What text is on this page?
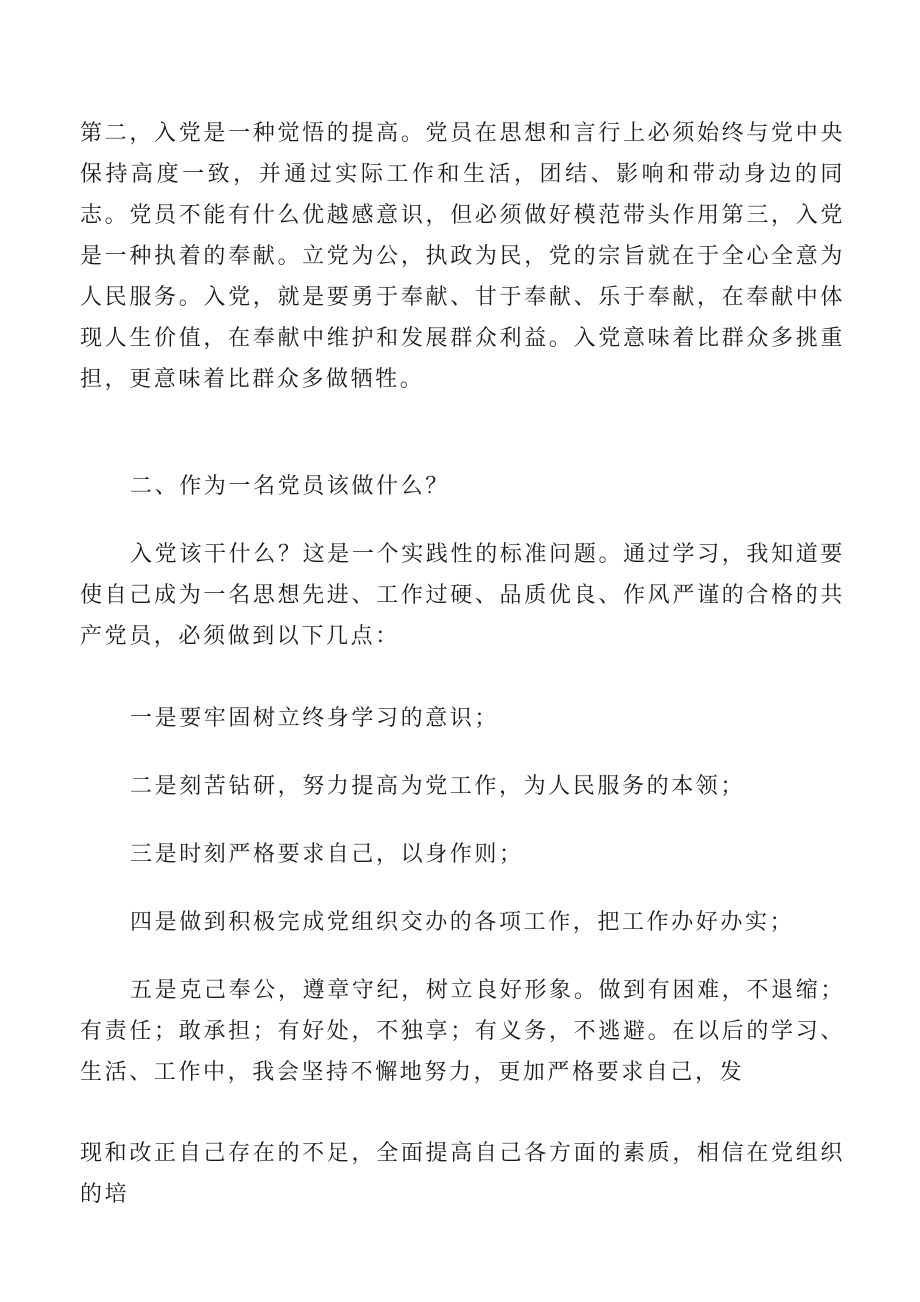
第二，入党是一种觉悟的提高。党员在思想和言行上必须始终与党中央保持高度一致，并通过实际工作和生活，团结、影响和带动身边的同志。党员不能有什么优越感意识，但必须做好模范带头作用第三，入党是一种执着的奉献。立党为公，执政为民，党的宗旨就在于全心全意为人民服务。入党，就是要勇于奉献、甘于奉献、乐于奉献，在奉献中体现人生价值，在奉献中维护和发展群众利益。入党意味着比群众多挑重担，更意味着比群众多做牺牲。

二、作为一名党员该做什么？

入党该干什么？这是一个实践性的标准问题。通过学习，我知道要使自己成为一名思想先进、工作过硬、品质优良、作风严谨的合格的共产党员，必须做到以下几点：

一是要牢固树立终身学习的意识；

二是刻苦钻研，努力提高为党工作，为人民服务的本领；

三是时刻严格要求自己，以身作则；

四是做到积极完成党组织交办的各项工作，把工作办好办实；

五是克己奉公，遵章守纪，树立良好形象。做到有困难，不退缩；有责任；敢承担；有好处，不独享；有义务，不逃避。在以后的学习、生活、工作中，我会坚持不懈地努力，更加严格要求自己，发

现和改正自己存在的不足，全面提高自己各方面的素质，相信在党组织的培
